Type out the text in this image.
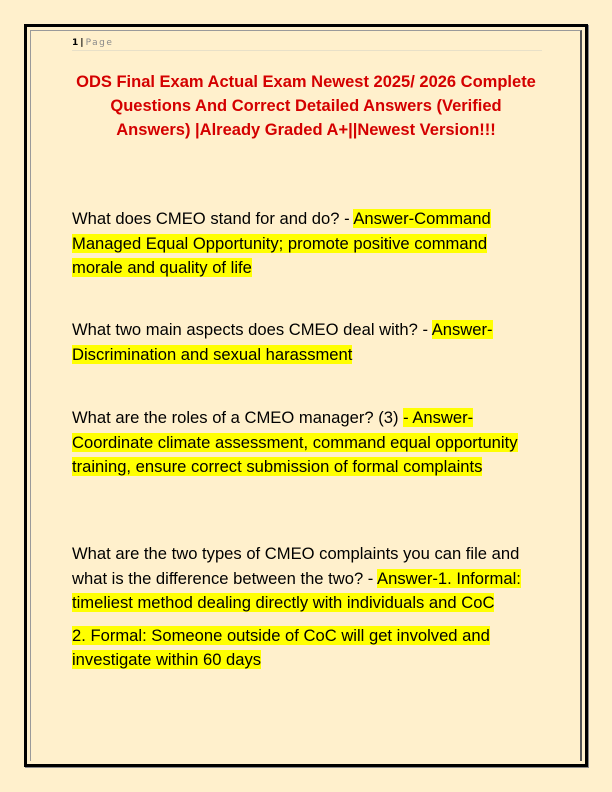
1 | Page
ODS Final Exam Actual Exam Newest 2025/ 2026 Complete Questions And Correct Detailed Answers (Verified Answers) |Already Graded A+||Newest Version!!!

What does CMEO stand for and do? - Answer-Command Managed Equal Opportunity; promote positive command morale and quality of life

What two main aspects does CMEO deal with? - Answer-Discrimination and sexual harassment

What are the roles of a CMEO manager? (3) - Answer-Coordinate climate assessment, command equal opportunity training, ensure correct submission of formal complaints

What are the two types of CMEO complaints you can file and what is the difference between the two? - Answer-1. Informal: timeliest method dealing directly with individuals and CoC

2. Formal: Someone outside of CoC will get involved and investigate within 60 days
